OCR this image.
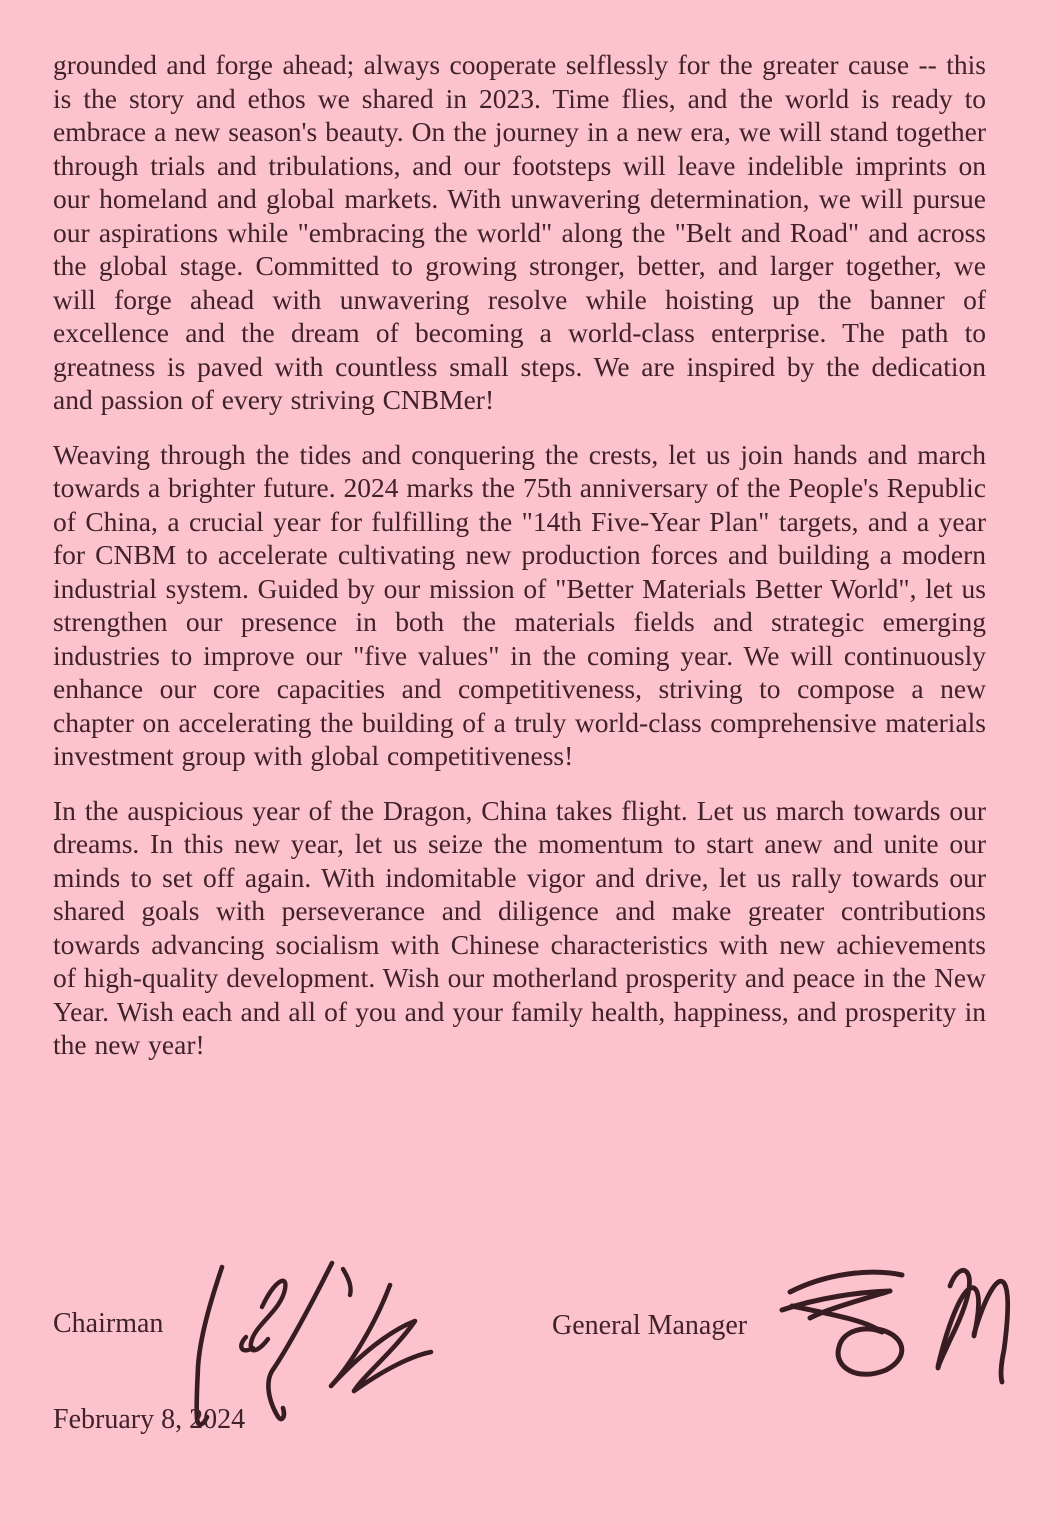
grounded and forge ahead; always cooperate selflessly for the greater cause -- this is the story and ethos we shared in 2023. Time flies, and the world is ready to embrace a new season's beauty. On the journey in a new era, we will stand together through trials and tribulations, and our footsteps will leave indelible imprints on our homeland and global markets. With unwavering determination, we will pursue our aspirations while "embracing the world" along the "Belt and Road" and across the global stage. Committed to growing stronger, better, and larger together, we will forge ahead with unwavering resolve while hoisting up the banner of excellence and the dream of becoming a world-class enterprise. The path to greatness is paved with countless small steps. We are inspired by the dedication and passion of every striving CNBMer!

Weaving through the tides and conquering the crests, let us join hands and march towards a brighter future. 2024 marks the 75th anniversary of the People's Republic of China, a crucial year for fulfilling the "14th Five-Year Plan" targets, and a year for CNBM to accelerate cultivating new production forces and building a modern industrial system. Guided by our mission of "Better Materials Better World", let us strengthen our presence in both the materials fields and strategic emerging industries to improve our "five values" in the coming year. We will continuously enhance our core capacities and competitiveness, striving to compose a new chapter on accelerating the building of a truly world-class comprehensive materials investment group with global competitiveness!

In the auspicious year of the Dragon, China takes flight. Let us march towards our dreams. In this new year, let us seize the momentum to start anew and unite our minds to set off again. With indomitable vigor and drive, let us rally towards our shared goals with perseverance and diligence and make greater contributions towards advancing socialism with Chinese characteristics with new achievements of high-quality development. Wish our motherland prosperity and peace in the New Year. Wish each and all of you and your family health, happiness, and prosperity in the new year!

Chairman	General Manager
February 8, 2024
